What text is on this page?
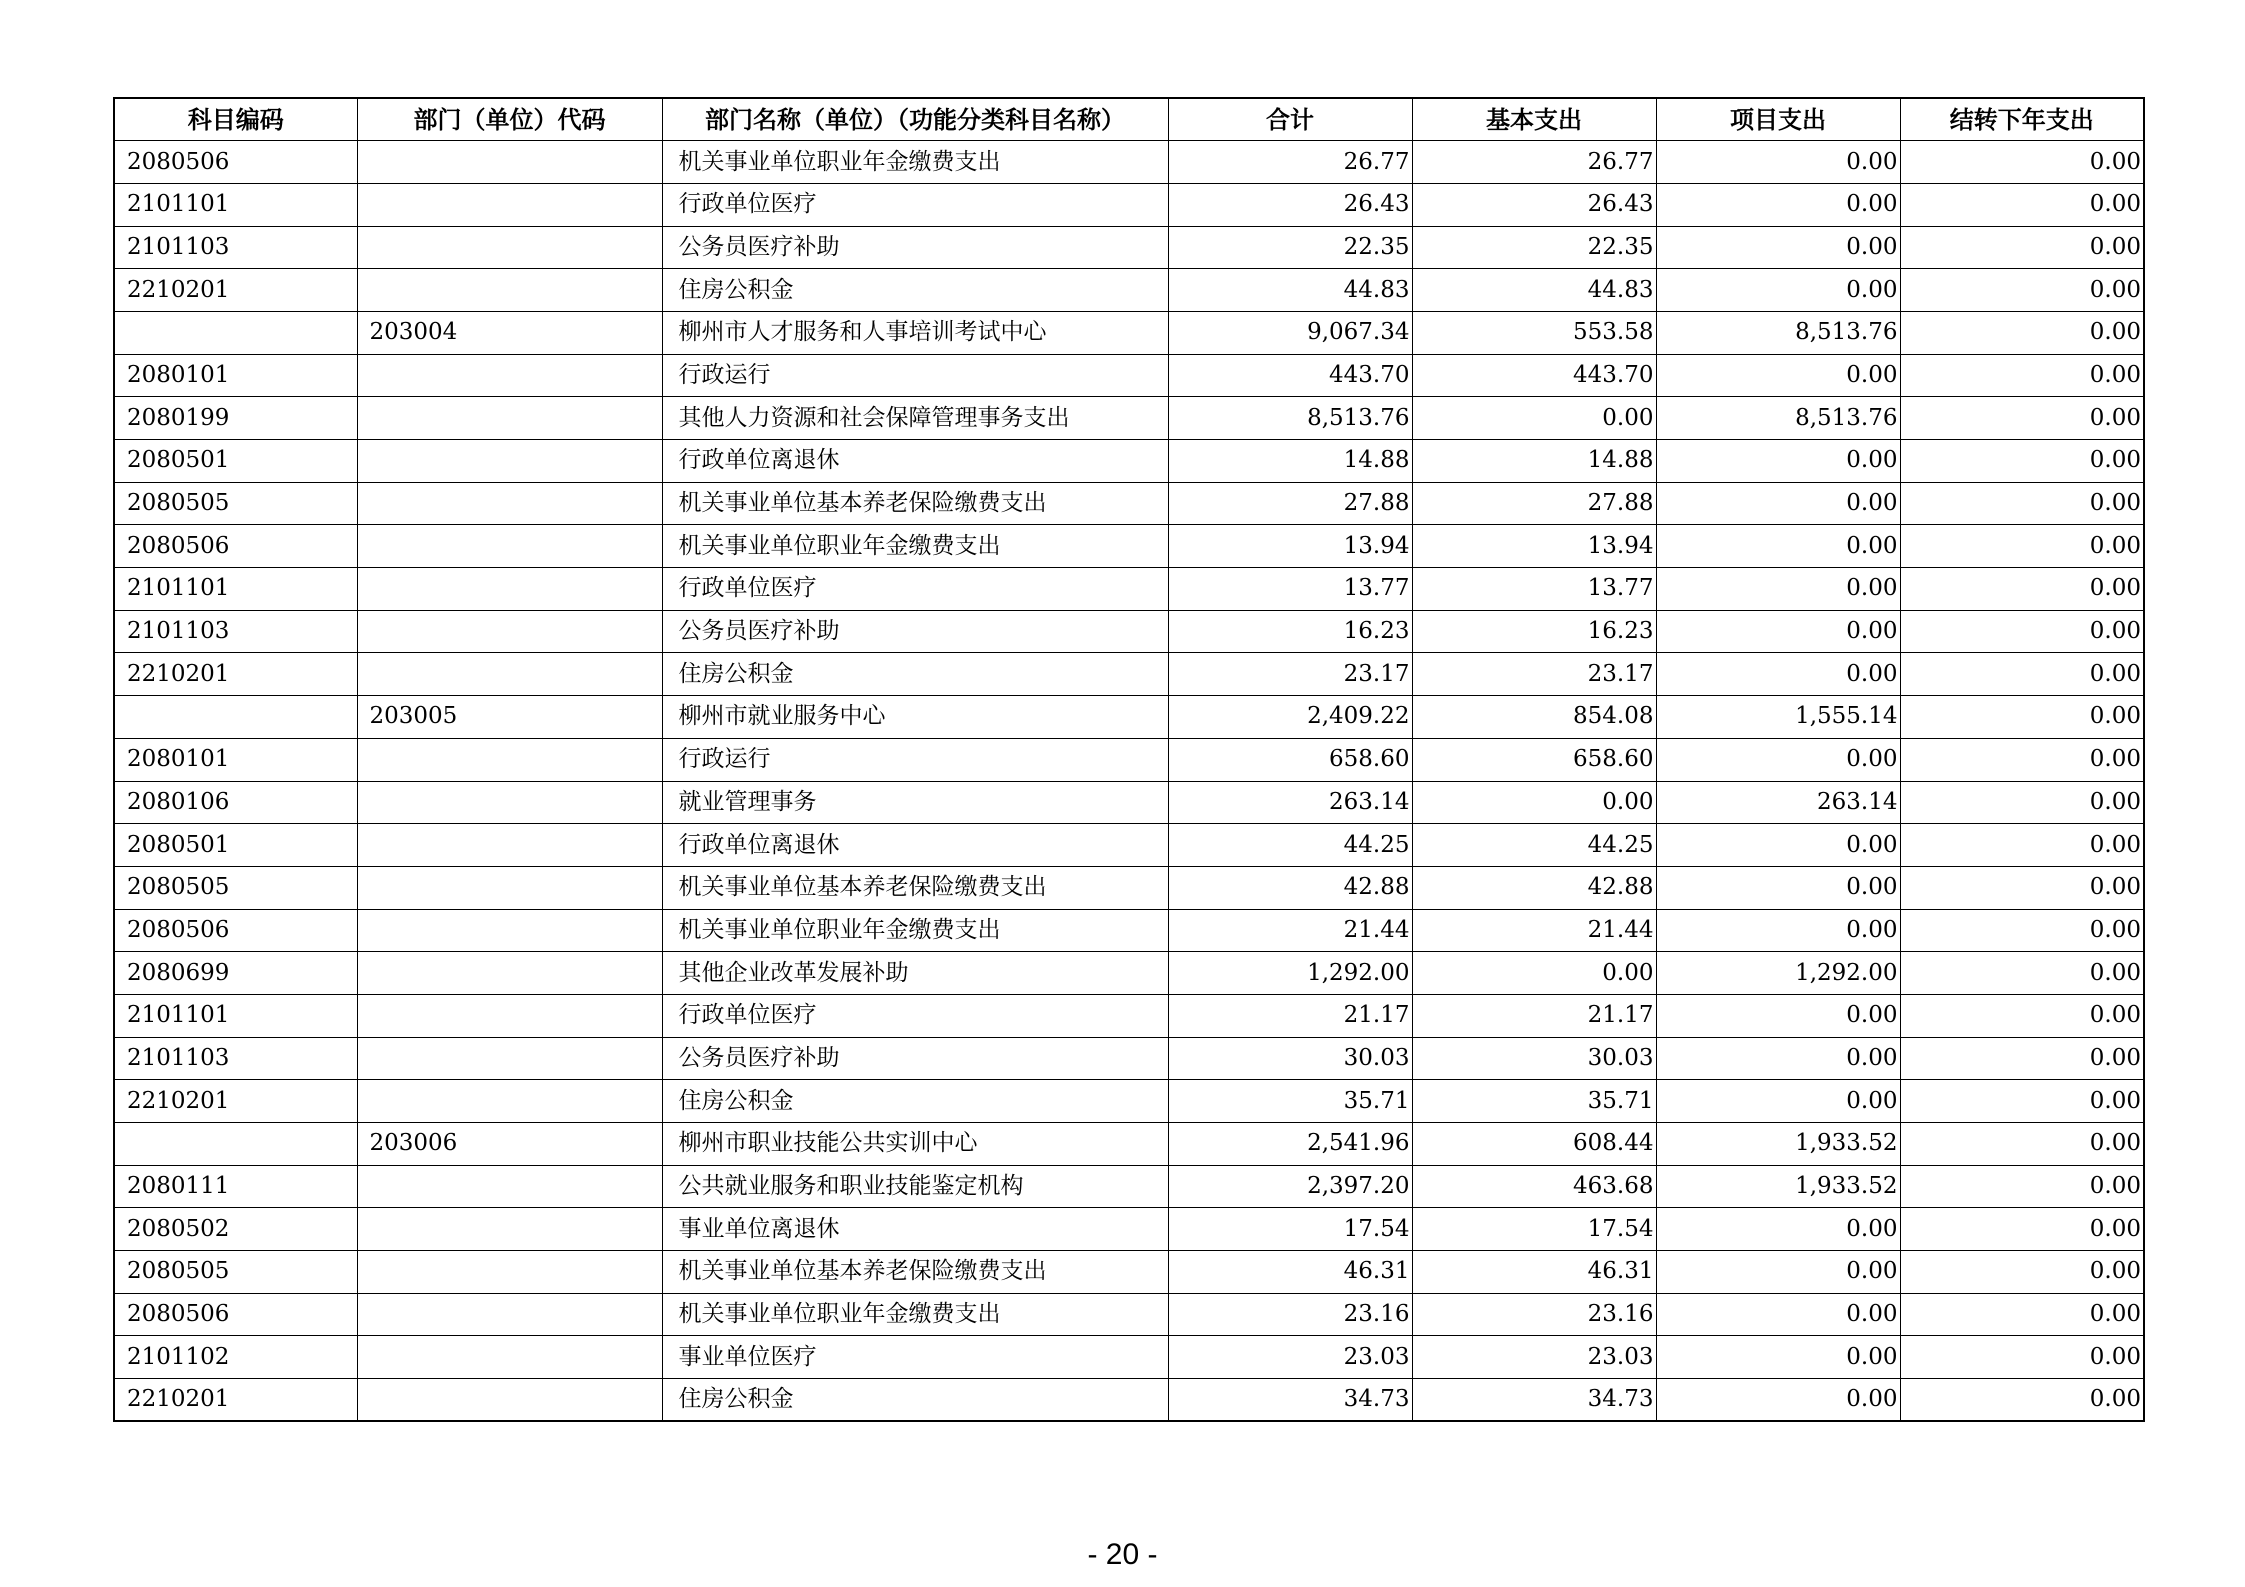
科目编码	部门（单位）代码	部门名称（单位）（功能分类科目名称）	合计	基本支出	项目支出	结转下年支出
2080506		机关事业单位职业年金缴费支出	26.77	26.77	0.00	0.00
2101101		行政单位医疗	26.43	26.43	0.00	0.00
2101103		公务员医疗补助	22.35	22.35	0.00	0.00
2210201		住房公积金	44.83	44.83	0.00	0.00
	203004	柳州市人才服务和人事培训考试中心	9,067.34	553.58	8,513.76	0.00
2080101		行政运行	443.70	443.70	0.00	0.00
2080199		其他人力资源和社会保障管理事务支出	8,513.76	0.00	8,513.76	0.00
2080501		行政单位离退休	14.88	14.88	0.00	0.00
2080505		机关事业单位基本养老保险缴费支出	27.88	27.88	0.00	0.00
2080506		机关事业单位职业年金缴费支出	13.94	13.94	0.00	0.00
2101101		行政单位医疗	13.77	13.77	0.00	0.00
2101103		公务员医疗补助	16.23	16.23	0.00	0.00
2210201		住房公积金	23.17	23.17	0.00	0.00
	203005	柳州市就业服务中心	2,409.22	854.08	1,555.14	0.00
2080101		行政运行	658.60	658.60	0.00	0.00
2080106		就业管理事务	263.14	0.00	263.14	0.00
2080501		行政单位离退休	44.25	44.25	0.00	0.00
2080505		机关事业单位基本养老保险缴费支出	42.88	42.88	0.00	0.00
2080506		机关事业单位职业年金缴费支出	21.44	21.44	0.00	0.00
2080699		其他企业改革发展补助	1,292.00	0.00	1,292.00	0.00
2101101		行政单位医疗	21.17	21.17	0.00	0.00
2101103		公务员医疗补助	30.03	30.03	0.00	0.00
2210201		住房公积金	35.71	35.71	0.00	0.00
	203006	柳州市职业技能公共实训中心	2,541.96	608.44	1,933.52	0.00
2080111		公共就业服务和职业技能鉴定机构	2,397.20	463.68	1,933.52	0.00
2080502		事业单位离退休	17.54	17.54	0.00	0.00
2080505		机关事业单位基本养老保险缴费支出	46.31	46.31	0.00	0.00
2080506		机关事业单位职业年金缴费支出	23.16	23.16	0.00	0.00
2101102		事业单位医疗	23.03	23.03	0.00	0.00
2210201		住房公积金	34.73	34.73	0.00	0.00
- 20 -
